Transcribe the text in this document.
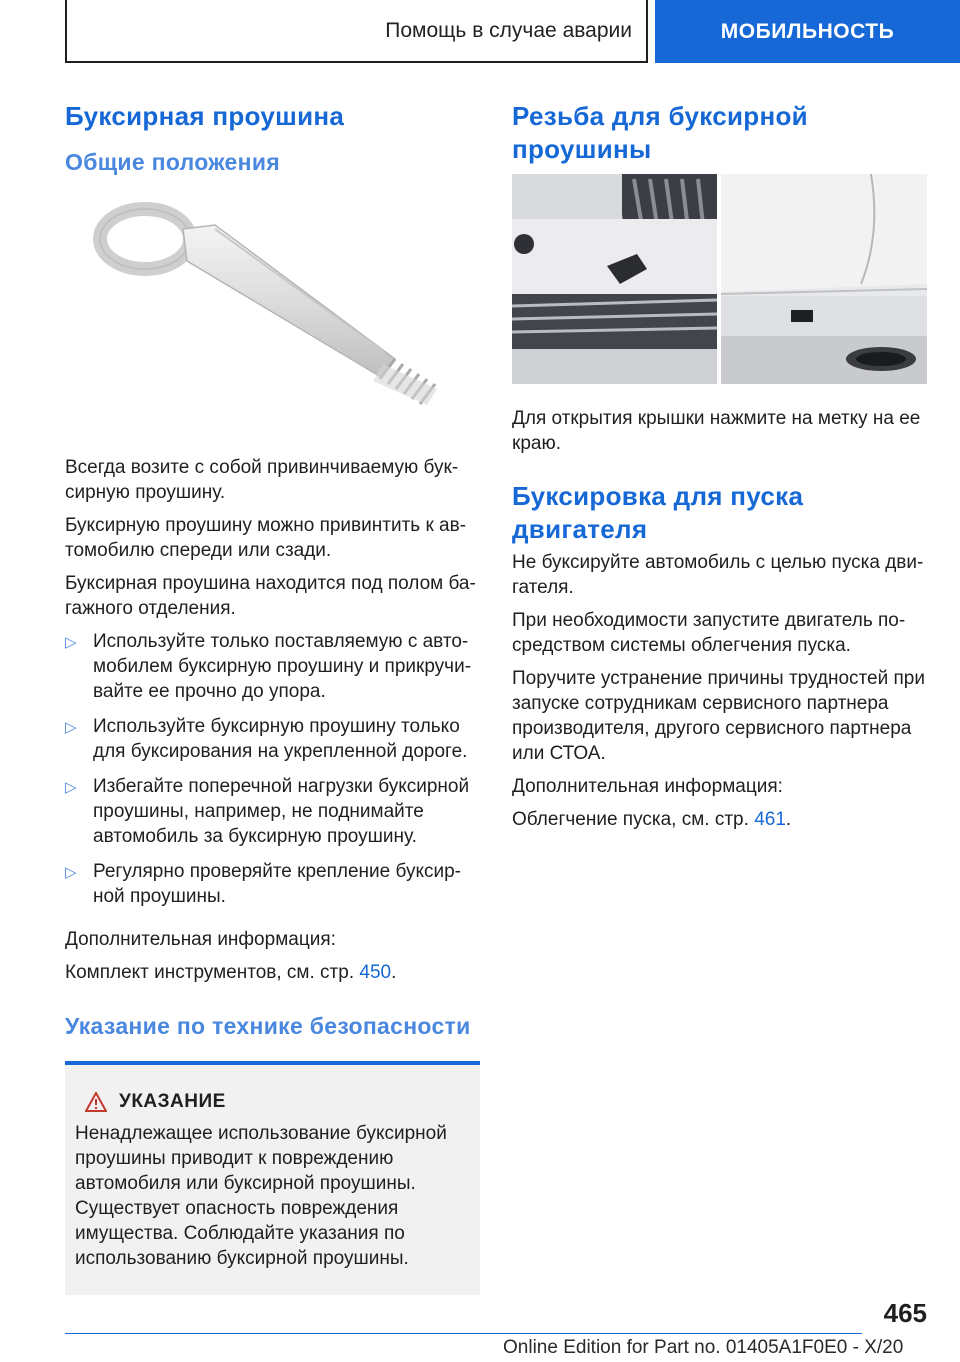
Помощь в случае аварии	МОБИЛЬНОСТЬ
Буксирная проушина
Общие положения

Всегда возите с собой привинчиваемую буксирную проушину.

Буксирную проушину можно привинтить к автомобилю спереди или сзади.

Буксирная проушина находится под полом багажного отделения.

▷ Используйте только поставляемую с автомобилем буксирную проушину и прикручивайте ее прочно до упора.
▷ Используйте буксирную проушину только для буксирования на укрепленной дороге.
▷ Избегайте поперечной нагрузки буксирной проушины, например, не поднимайте автомобиль за буксирную проушину.
▷ Регулярно проверяйте крепление буксирной проушины.

Дополнительная информация:

Комплект инструментов, см. стр. 450.

Указание по технике безопасности
УКАЗАНИЕ

Ненадлежащее использование буксирной проушины приводит к повреждению автомобиля или буксирной проушины. Существует опасность повреждения имущества. Соблюдайте указания по использованию буксирной проушины.

Резьба для буксирной проушины

Для открытия крышки нажмите на метку на ее краю.

Буксировка для пуска двигателя

Не буксируйте автомобиль с целью пуска двигателя.

При необходимости запустите двигатель посредством системы облегчения пуска.

Поручите устранение причины трудностей при запуске сотрудникам сервисного партнера производителя, другого сервисного партнера или СТОА.

Дополнительная информация:

Облегчение пуска, см. стр. 461.

465
Online Edition for Part no. 01405A1F0E0 - X/20
